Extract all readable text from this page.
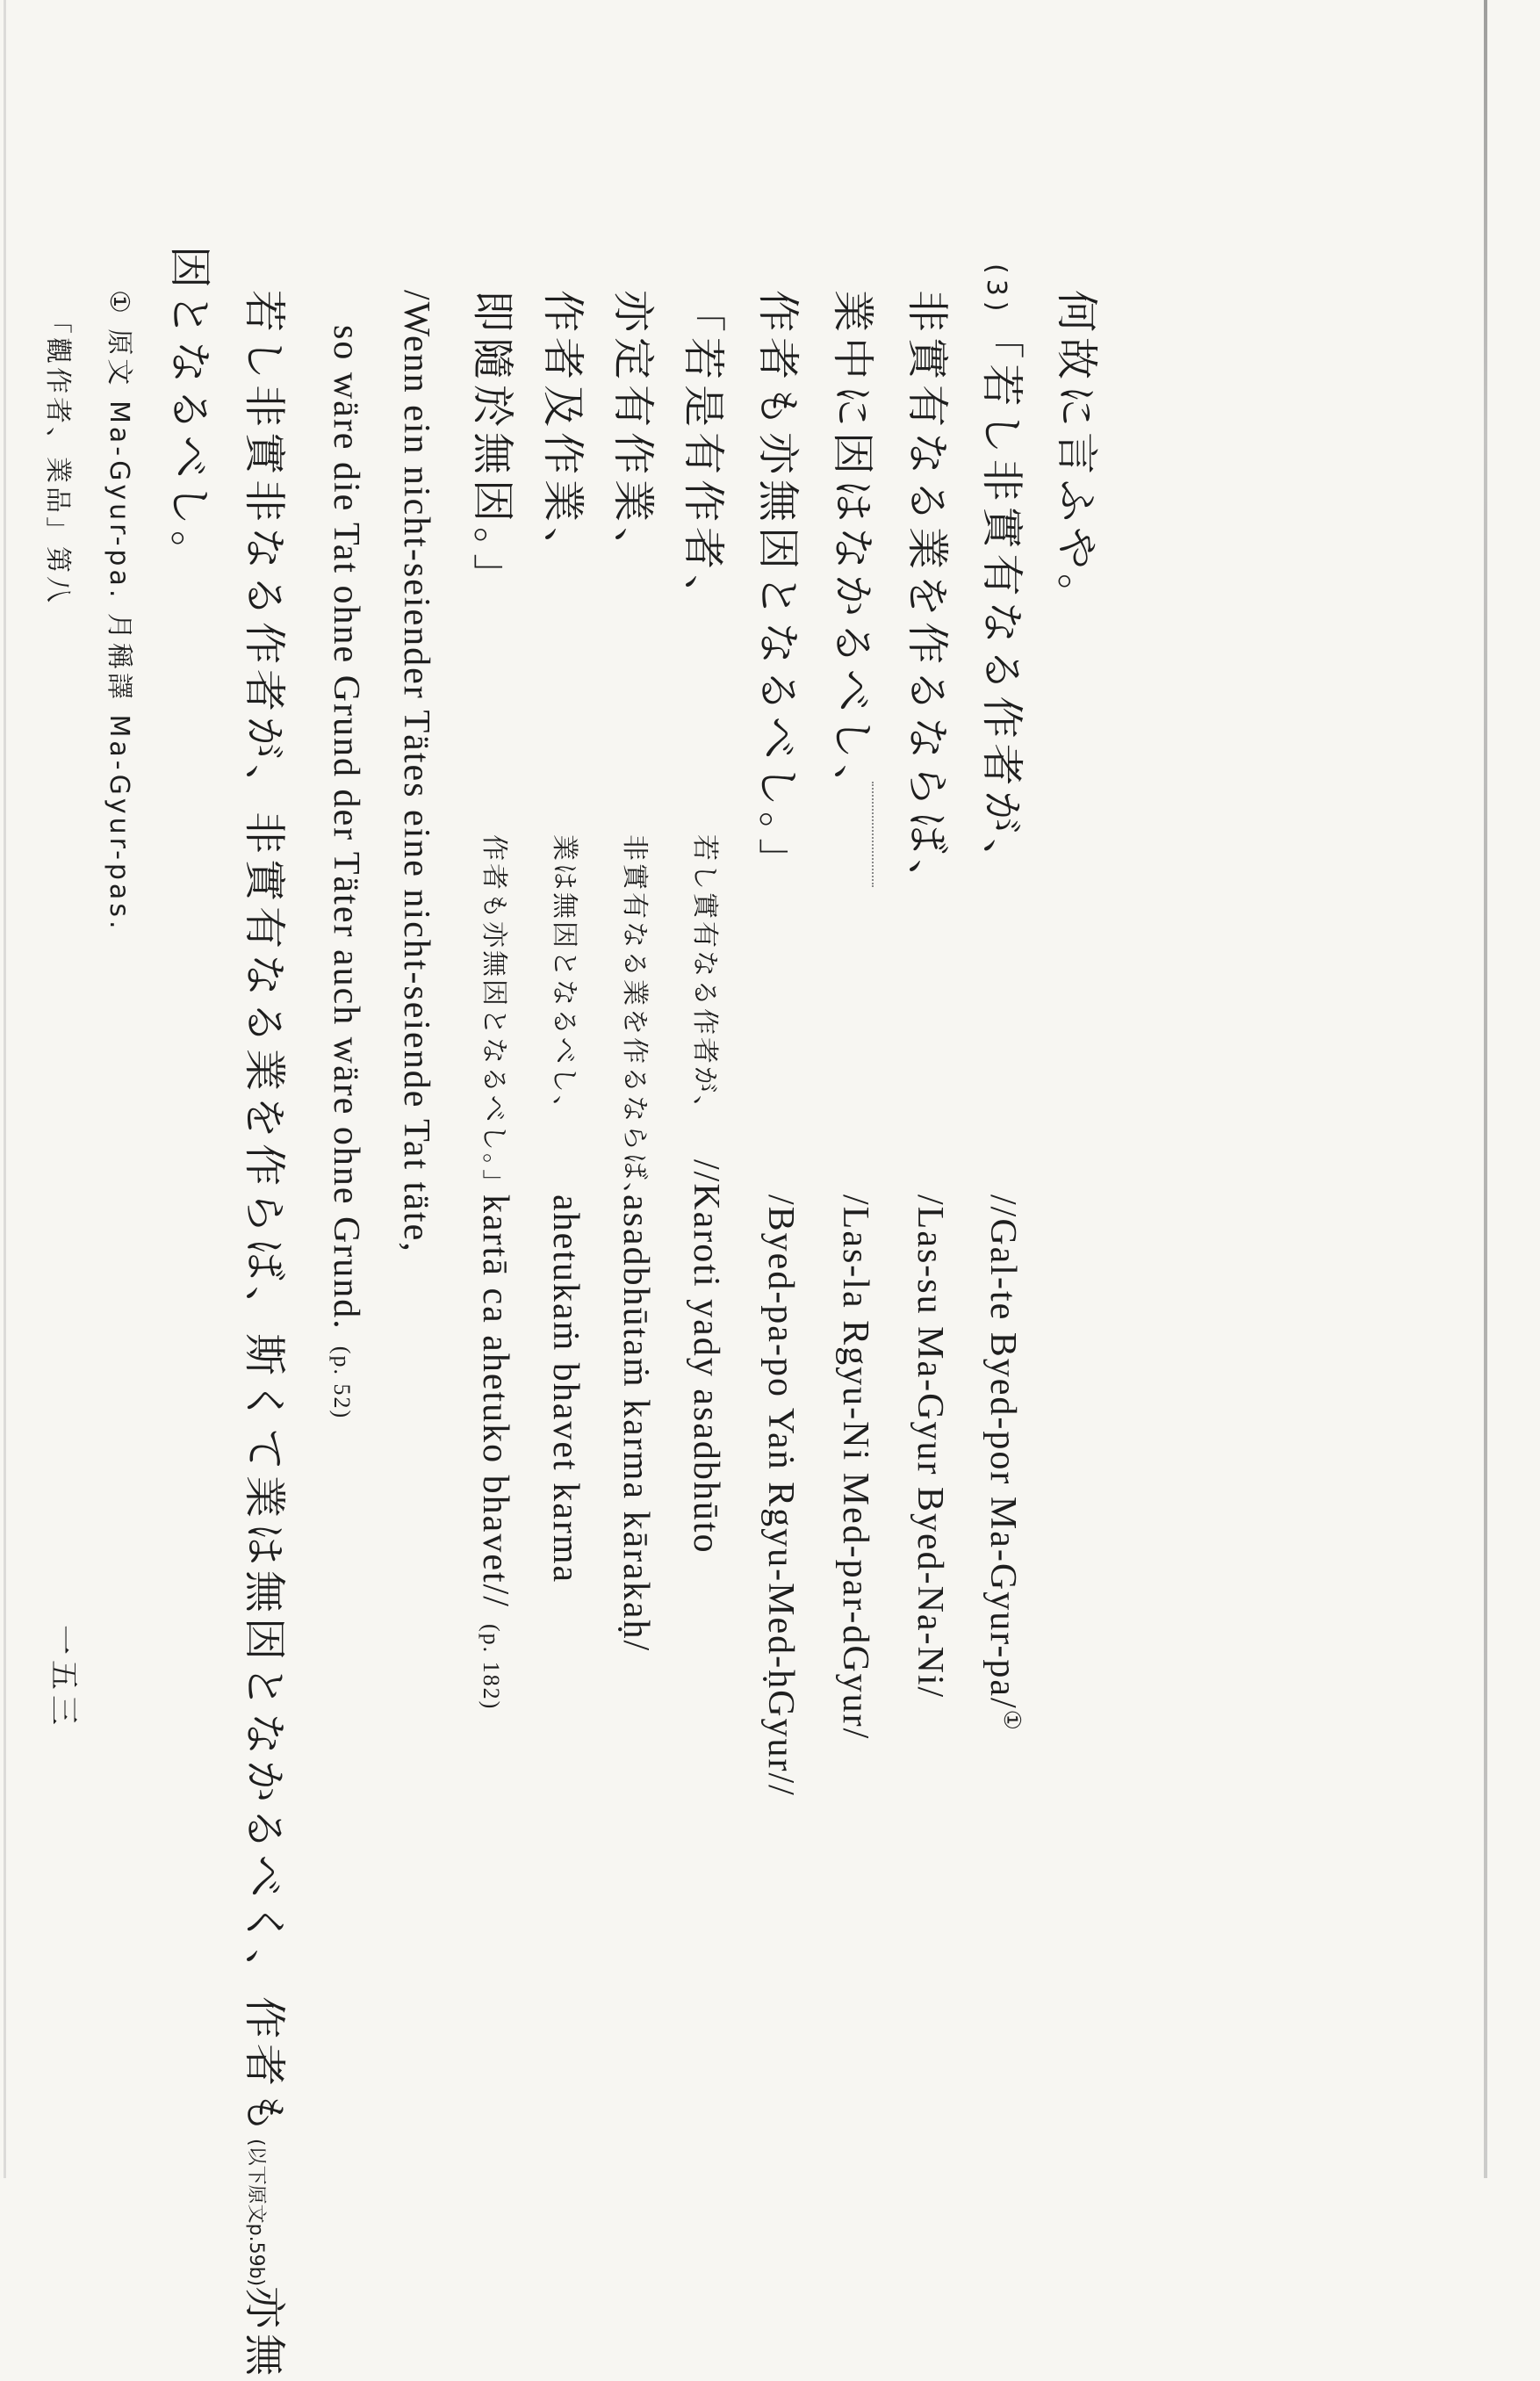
何故に言ふや。
(3)「若し非實有なる作者が、
//Gal-te Byed-por Ma-Gyur-pa/①
非實有なる業を作るならば、
/Las-su Ma-Gyur Byed-Na-Ni/
業中に因はなかるべし、
/Las-la Rgyu-Ni Med-par-dGyur/
作者も亦無因となるべし。」
/Byed-pa-po Yaṅ Rgyu-Med-ḥGyur//
「若是有作者、
若し實有なる作者が、
//Karoti yady asadbhūto
亦定有作業、
非實有なる業を作るならば、
asadbhūtaṁ karma kārakaḥ/
作者及作業、
業は無因となるべし、
ahetukaṁ bhavet karma
即隨於無因。」
作者も亦無因となるべし。」
kartā ca ahetuko bhavet//(p. 182)
/Wenn ein nicht-seiender Tätes eine nicht-seiende Tat täte,
so wäre die Tat ohne Grund der Täter auch wäre ohne Grund.(p. 52)
若し非實非なる作者が、非實有なる業を作らば、斯くて業は無因となかるべく、作者も(以下原文p.59b)亦無
因となるべし。
① 原文 Ma-Gyur-pa. 月稱譯 Ma-Gyur-pas.
「觀作者、業品」第八
一五三
